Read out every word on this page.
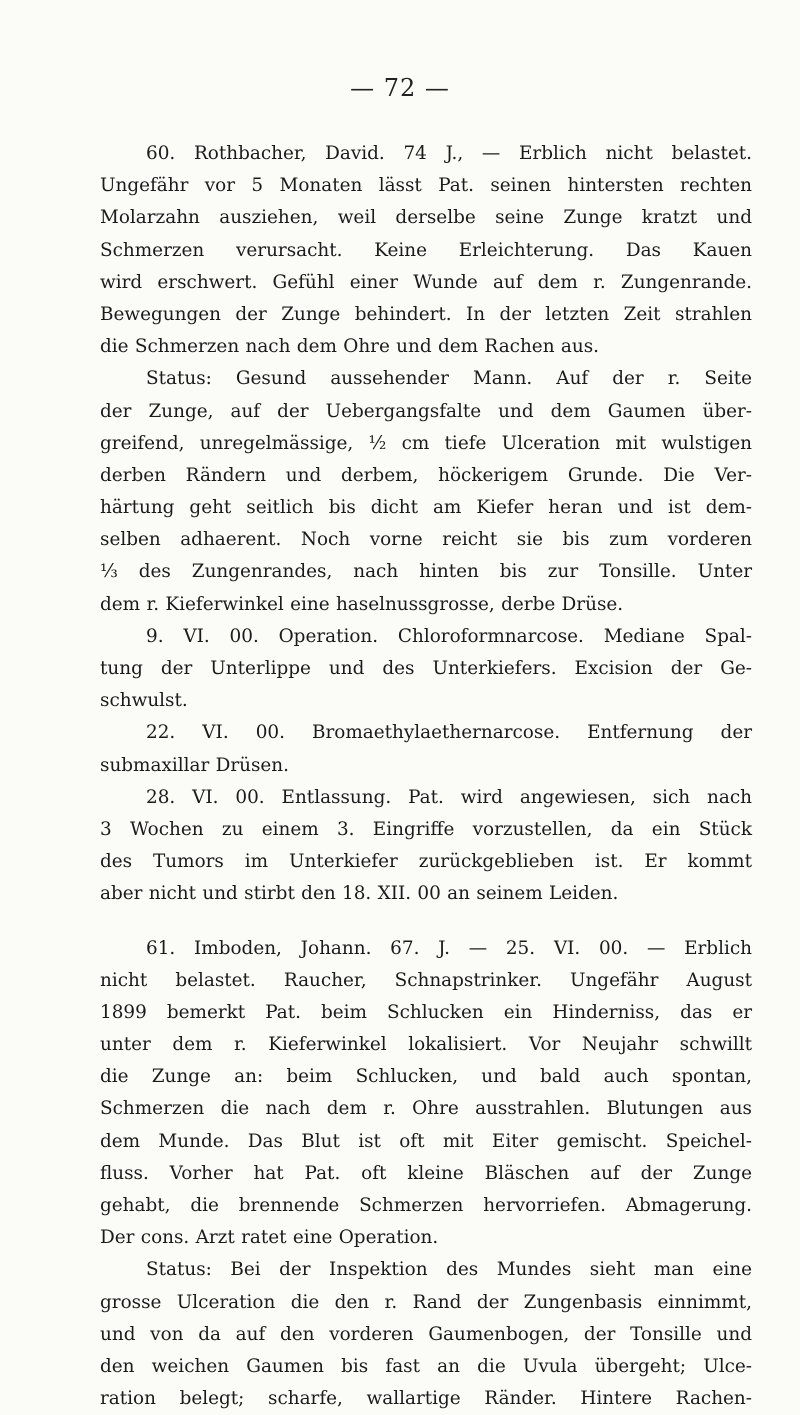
— 72 —
60. Rothbacher, David. 74 J., — Erblich nicht belastet.
Ungefähr vor 5 Monaten lässt Pat. seinen hintersten rechten
Molarzahn ausziehen, weil derselbe seine Zunge kratzt und
Schmerzen verursacht. Keine Erleichterung. Das Kauen
wird erschwert. Gefühl einer Wunde auf dem r. Zungenrande.
Bewegungen der Zunge behindert. In der letzten Zeit strahlen
die Schmerzen nach dem Ohre und dem Rachen aus.
Status: Gesund aussehender Mann. Auf der r. Seite
der Zunge, auf der Uebergangsfalte und dem Gaumen über-
greifend, unregelmässige, ½ cm tiefe Ulceration mit wulstigen
derben Rändern und derbem, höckerigem Grunde. Die Ver-
härtung geht seitlich bis dicht am Kiefer heran und ist dem-
selben adhaerent. Noch vorne reicht sie bis zum vorderen
⅓ des Zungenrandes, nach hinten bis zur Tonsille. Unter
dem r. Kieferwinkel eine haselnussgrosse, derbe Drüse.
9. VI. 00. Operation. Chloroformnarcose. Mediane Spal-
tung der Unterlippe und des Unterkiefers. Excision der Ge-
schwulst.
22. VI. 00. Bromaethylaethernarcose. Entfernung der
submaxillar Drüsen.
28. VI. 00. Entlassung. Pat. wird angewiesen, sich nach
3 Wochen zu einem 3. Eingriffe vorzustellen, da ein Stück
des Tumors im Unterkiefer zurückgeblieben ist. Er kommt
aber nicht und stirbt den 18. XII. 00 an seinem Leiden.
61. Imboden, Johann. 67. J. — 25. VI. 00. — Erblich
nicht belastet. Raucher, Schnapstrinker. Ungefähr August
1899 bemerkt Pat. beim Schlucken ein Hinderniss, das er
unter dem r. Kieferwinkel lokalisiert. Vor Neujahr schwillt
die Zunge an: beim Schlucken, und bald auch spontan,
Schmerzen die nach dem r. Ohre ausstrahlen. Blutungen aus
dem Munde. Das Blut ist oft mit Eiter gemischt. Speichel-
fluss. Vorher hat Pat. oft kleine Bläschen auf der Zunge
gehabt, die brennende Schmerzen hervorriefen. Abmagerung.
Der cons. Arzt ratet eine Operation.
Status: Bei der Inspektion des Mundes sieht man eine
grosse Ulceration die den r. Rand der Zungenbasis einnimmt,
und von da auf den vorderen Gaumenbogen, der Tonsille und
den weichen Gaumen bis fast an die Uvula übergeht; Ulce-
ration belegt; scharfe, wallartige Ränder. Hintere Rachen-
